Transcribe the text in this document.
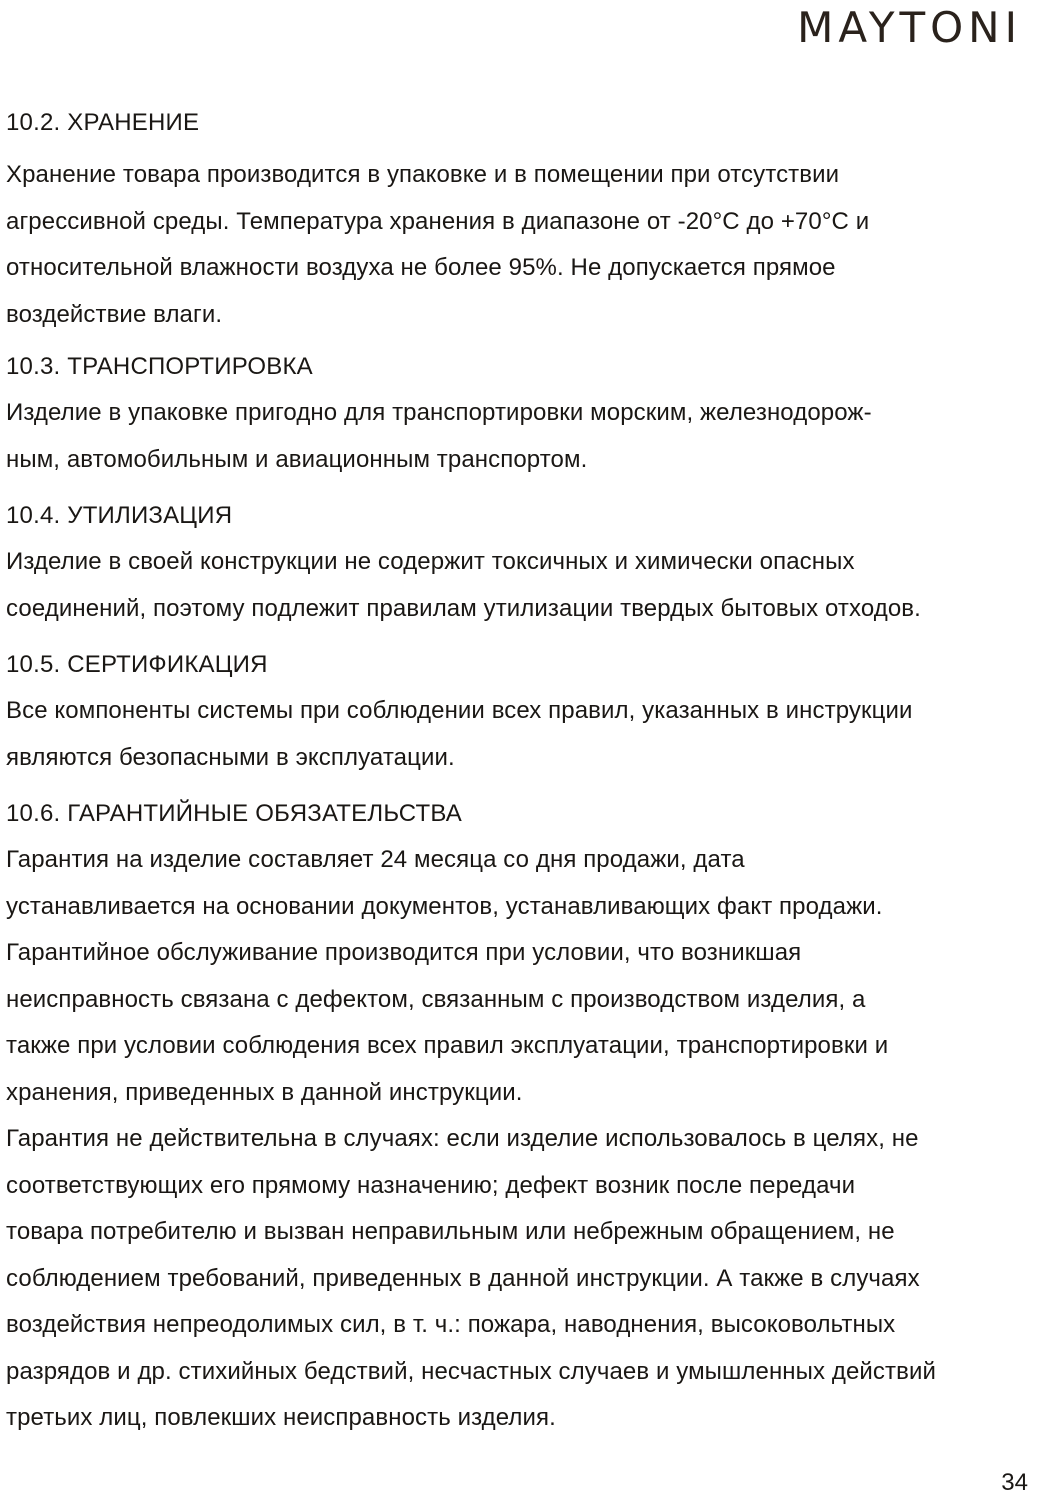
MAYTONI

10.2. ХРАНЕНИЕ

Хранение товара производится в упаковке и в помещении при отсутствии

агрессивной среды. Температура хранения в диапазоне от -20°C до +70°C и

относительной влажности воздуха не более 95%. Не допускается прямое

воздействие влаги.

10.3. ТРАНСПОРТИРОВКА

Изделие в упаковке пригодно для транспортировки морским, железнодорож-

ным, автомобильным и авиационным транспортом.

10.4. УТИЛИЗАЦИЯ

Изделие в своей конструкции не содержит токсичных и химически опасных

соединений, поэтому подлежит правилам утилизации твердых бытовых отходов.

10.5. СЕРТИФИКАЦИЯ

Все компоненты системы при соблюдении всех правил, указанных в инструкции

являются безопасными в эксплуатации.

10.6. ГАРАНТИЙНЫЕ ОБЯЗАТЕЛЬСТВА

Гарантия на изделие составляет 24 месяца со дня продажи, дата

устанавливается на основании документов, устанавливающих факт продажи.

Гарантийное обслуживание производится при условии, что возникшая

неисправность связана с дефектом, связанным с производством изделия, а

также при условии соблюдения всех правил эксплуатации, транспортировки и

хранения, приведенных в данной инструкции.

Гарантия не действительна в случаях: если изделие использовалось в целях, не

соответствующих его прямому назначению; дефект возник после передачи

товара потребителю и вызван неправильным или небрежным обращением, не

соблюдением требований, приведенных в данной инструкции. А также в случаях

воздействия непреодолимых сил, в т. ч.: пожара, наводнения, высоковольтных

разрядов и др. стихийных бедствий, несчастных случаев и умышленных действий

третьих лиц, повлекших неисправность изделия.

34
